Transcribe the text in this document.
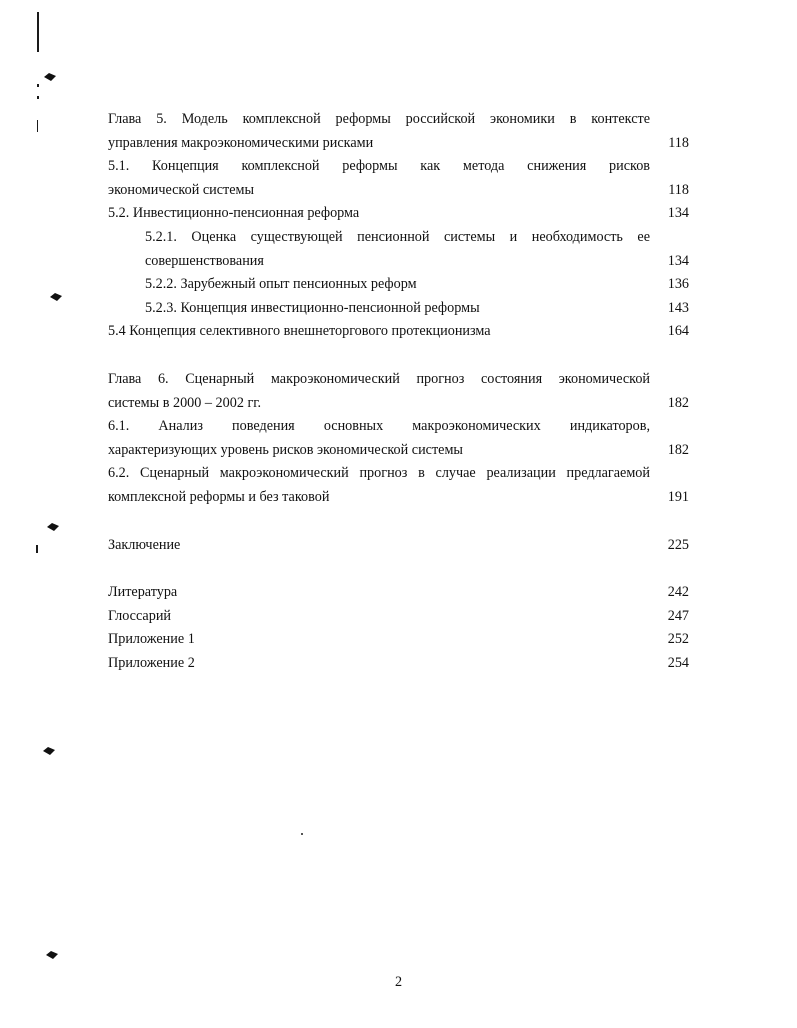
Глава 5. Модель комплексной реформы российской экономики в контексте
управления макроэкономическими рисками	118
5.1. Концепция комплексной реформы как метода снижения рисков
экономической системы	118
5.2. Инвестиционно-пенсионная реформа	134
5.2.1. Оценка существующей пенсионной системы и необходимость ее
совершенствования	134
5.2.2. Зарубежный опыт пенсионных реформ	136
5.2.3. Концепция инвестиционно-пенсионной реформы	143
5.4 Концепция селективного внешнеторгового протекционизма	164
Глава 6. Сценарный макроэкономический прогноз состояния экономической
системы в 2000 – 2002 гг.	182
6.1. Анализ поведения основных макроэкономических индикаторов,
характеризующих уровень рисков экономической системы	182
6.2. Сценарный макроэкономический прогноз в случае реализации предлагаемой
комплексной реформы и без таковой	191
Заключение	225
Литература	242
Глоссарий	247
Приложение 1	252
Приложение 2	254
2
